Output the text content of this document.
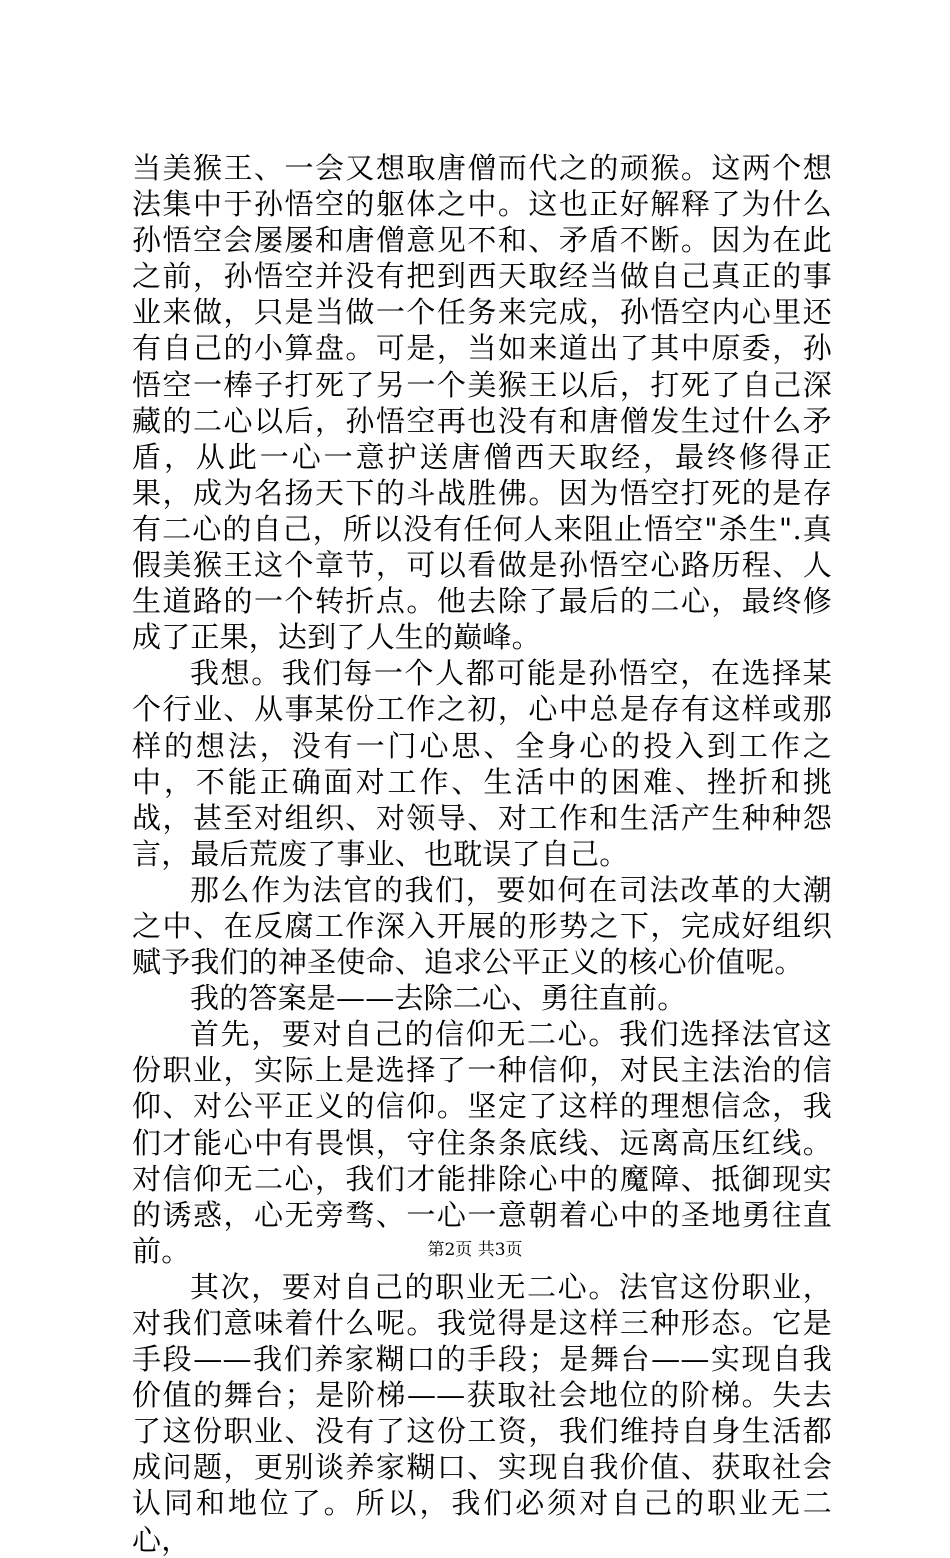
当美猴王、一会又想取唐僧而代之的顽猴。这两个想法集中于孙悟空的躯体之中。这也正好解释了为什么孙悟空会屡屡和唐僧意见不和、矛盾不断。因为在此之前，孙悟空并没有把到西天取经当做自己真正的事业来做，只是当做一个任务来完成，孙悟空内心里还有自己的小算盘。可是，当如来道出了其中原委，孙悟空一棒子打死了另一个美猴王以后，打死了自己深藏的二心以后，孙悟空再也没有和唐僧发生过什么矛盾，从此一心一意护送唐僧西天取经，最终修得正果，成为名扬天下的斗战胜佛。因为悟空打死的是存有二心的自己，所以没有任何人来阻止悟空"杀生".真假美猴王这个章节，可以看做是孙悟空心路历程、人生道路的一个转折点。他去除了最后的二心，最终修成了正果，达到了人生的巅峰。

我想。我们每一个人都可能是孙悟空，在选择某个行业、从事某份工作之初，心中总是存有这样或那样的想法，没有一门心思、全身心的投入到工作之中，不能正确面对工作、生活中的困难、挫折和挑战，甚至对组织、对领导、对工作和生活产生种种怨言，最后荒废了事业、也耽误了自己。

那么作为法官的我们，要如何在司法改革的大潮之中、在反腐工作深入开展的形势之下，完成好组织赋予我们的神圣使命、追求公平正义的核心价值呢。

我的答案是——去除二心、勇往直前。

首先，要对自己的信仰无二心。我们选择法官这份职业，实际上是选择了一种信仰，对民主法治的信仰、对公平正义的信仰。坚定了这样的理想信念，我们才能心中有畏惧，守住条条底线、远离高压红线。对信仰无二心，我们才能排除心中的魔障、抵御现实的诱惑，心无旁骛、一心一意朝着心中的圣地勇往直前。

其次，要对自己的职业无二心。法官这份职业，对我们意味着什么呢。我觉得是这样三种形态。它是手段——我们养家糊口的手段；是舞台——实现自我价值的舞台；是阶梯——获取社会地位的阶梯。失去了这份职业、没有了这份工资，我们维持自身生活都成问题，更别谈养家糊口、实现自我价值、获取社会认同和地位了。所以，我们必须对自己的职业无二心，

第2页 共3页
